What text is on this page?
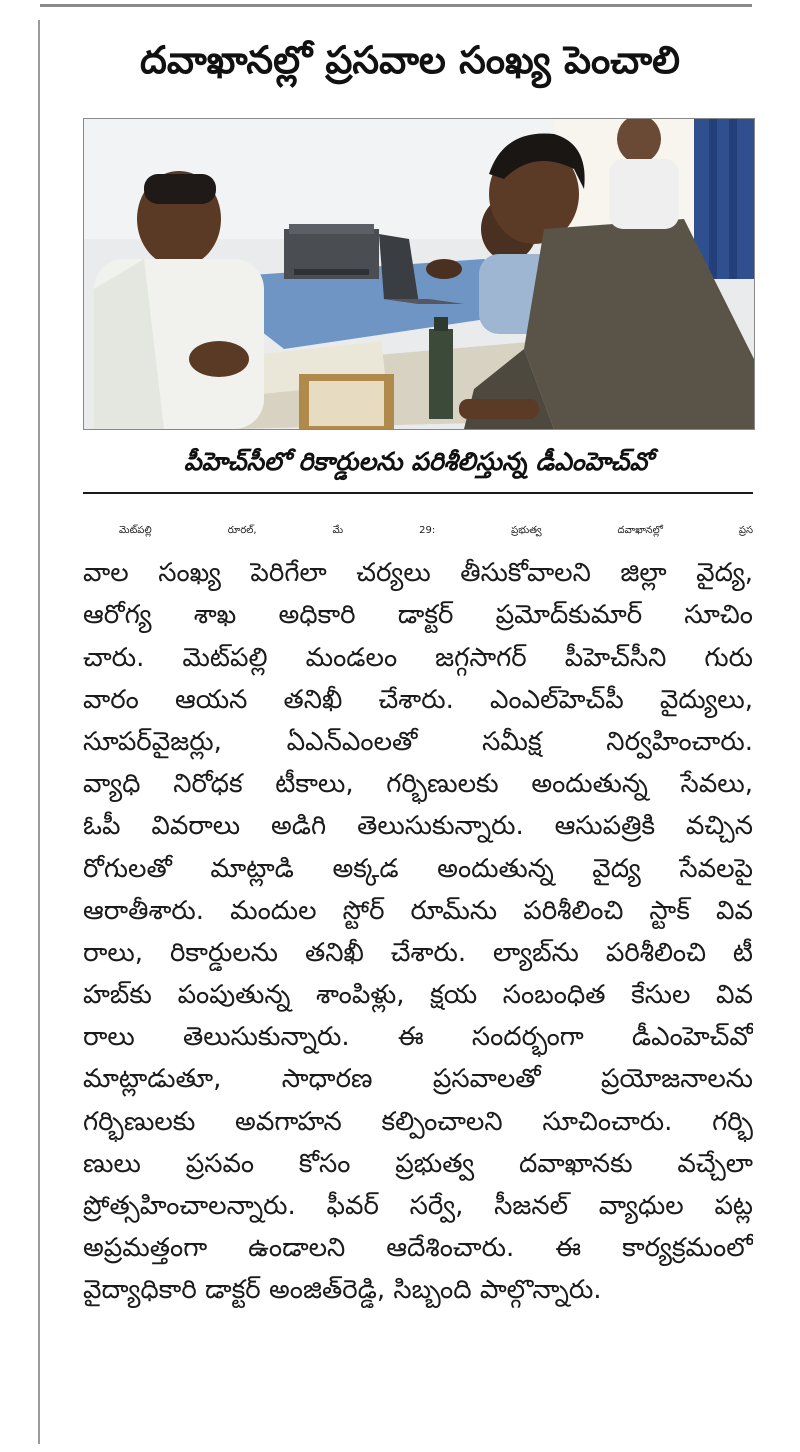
దవాఖానల్లో ప్రసవాల సంఖ్య పెంచాలి
పీహెచ్‌సీలో రికార్డులను పరిశీలిస్తున్న డీఎంహెచ్‌వో
మెట్‌పల్లి రూరల్, మే 29: ప్రభుత్వ దవాఖానల్లో ప్రస
వాల సంఖ్య పెరిగేలా చర్యలు తీసుకోవాలని జిల్లా వైద్య,
ఆరోగ్య శాఖ అధికారి డాక్టర్ ప్రమోద్‌కుమార్ సూచిం
చారు. మెట్‌పల్లి మండలం జగ్గసాగర్ పీహెచ్‌సీని గురు
వారం ఆయన తనిఖీ చేశారు. ఎంఎల్‌హెచ్‌పీ వైద్యులు,
సూపర్‌వైజర్లు, ఏఎన్ఎంలతో సమీక్ష నిర్వహించారు.
వ్యాధి నిరోధక టీకాలు, గర్భిణులకు అందుతున్న సేవలు,
ఓపీ వివరాలు అడిగి తెలుసుకున్నారు. ఆసుపత్రికి వచ్చిన
రోగులతో మాట్లాడి అక్కడ అందుతున్న వైద్య సేవలపై
ఆరాతీశారు. మందుల స్టోర్ రూమ్‌ను పరిశీలించి స్టాక్ వివ
రాలు, రికార్డులను తనిఖీ చేశారు. ల్యాబ్‌ను పరిశీలించి టీ
హబ్‌కు పంపుతున్న శాంపిళ్లు, క్షయ సంబంధిత కేసుల వివ
రాలు తెలుసుకున్నారు. ఈ సందర్భంగా డీఎంహెచ్‌వో
మాట్లాడుతూ, సాధారణ ప్రసవాలతో ప్రయోజనాలను
గర్భిణులకు అవగాహన కల్పించాలని సూచించారు. గర్భి
ణులు ప్రసవం కోసం ప్రభుత్వ దవాఖానకు వచ్చేలా
ప్రోత్సహించాలన్నారు. ఫీవర్ సర్వే, సీజనల్ వ్యాధుల పట్ల
అప్రమత్తంగా ఉండాలని ఆదేశించారు. ఈ కార్యక్రమంలో
వైద్యాధికారి డాక్టర్ అంజిత్‌రెడ్డి, సిబ్బంది పాల్గొన్నారు.
